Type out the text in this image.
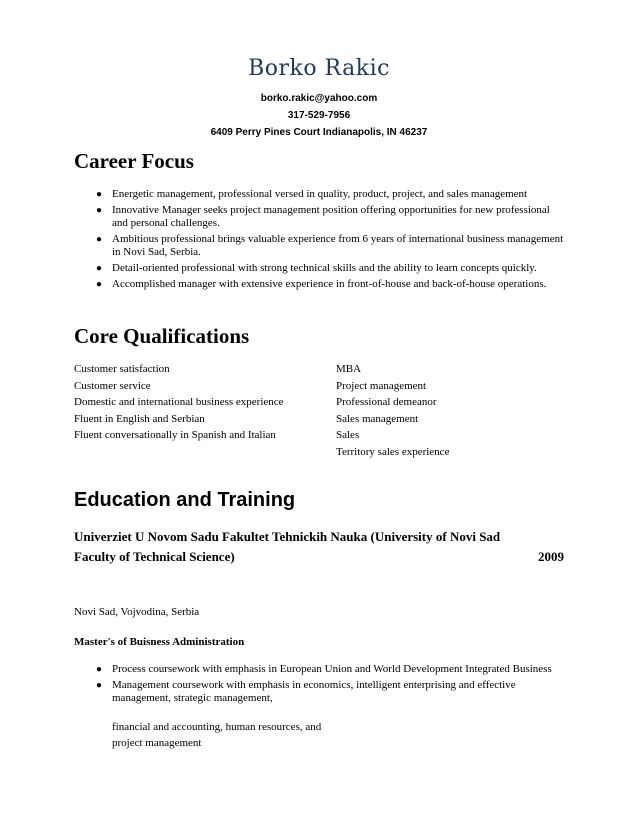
Borko Rakic
borko.rakic@yahoo.com
317-529-7956
6409 Perry Pines Court Indianapolis, IN 46237
Career Focus
● Energetic management, professional versed in quality, product, project, and sales management
● Innovative Manager seeks project management position offering opportunities for new professional and personal challenges.
● Ambitious professional brings valuable experience from 6 years of international business management in Novi Sad, Serbia.
● Detail-oriented professional with strong technical skills and the ability to learn concepts quickly.
● Accomplished manager with extensive experience in front-of-house and back-of-house operations.
Core Qualifications
Customer satisfaction
Customer service
Domestic and international business experience
Fluent in English and Serbian
Fluent conversationally in Spanish and Italian
MBA
Project management
Professional demeanor
Sales management
Sales
Territory sales experience
Education and Training
Univerziet U Novom Sadu Fakultet Tehnickih Nauka (University of Novi Sad
Faculty of Technical Science)	2009
Novi Sad, Vojvodina, Serbia
Master's of Buisness Administration
● Process coursework with emphasis in European Union and World Development Integrated Business
● Management coursework with emphasis in economics, intelligent enterprising and effective management, strategic management,
financial and accounting, human resources, and
project management
